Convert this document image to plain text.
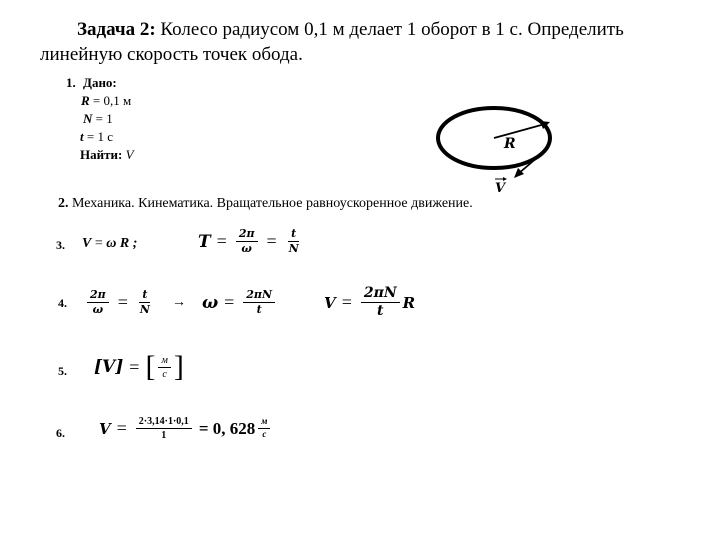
Задача 2: Колесо радиусом 0,1 м делает 1 оборот в 1 с. Определить
линейную скорость точек обода.
1. Дано:
R = 0,1 м
N = 1
t = 1 с
Найти: V
R
V
2. Механика. Кинематика. Вращательное равноускоренное движение.
3. V = ω R ;	$T = \frac{2\pi}{\omega} = \frac{t}{N}$
4. $\frac{2\pi}{\omega} = \frac{t}{N} \to \omega = \frac{2\pi N}{t}$	$V = \frac{2\pi N}{t}$ R
5. [V] = [ $\frac{м}{с}$ ]
6. $V = \frac{2\cdot 3,14\cdot 1\cdot 0,1}{1} = 0$, $628 \frac{м}{с}$
